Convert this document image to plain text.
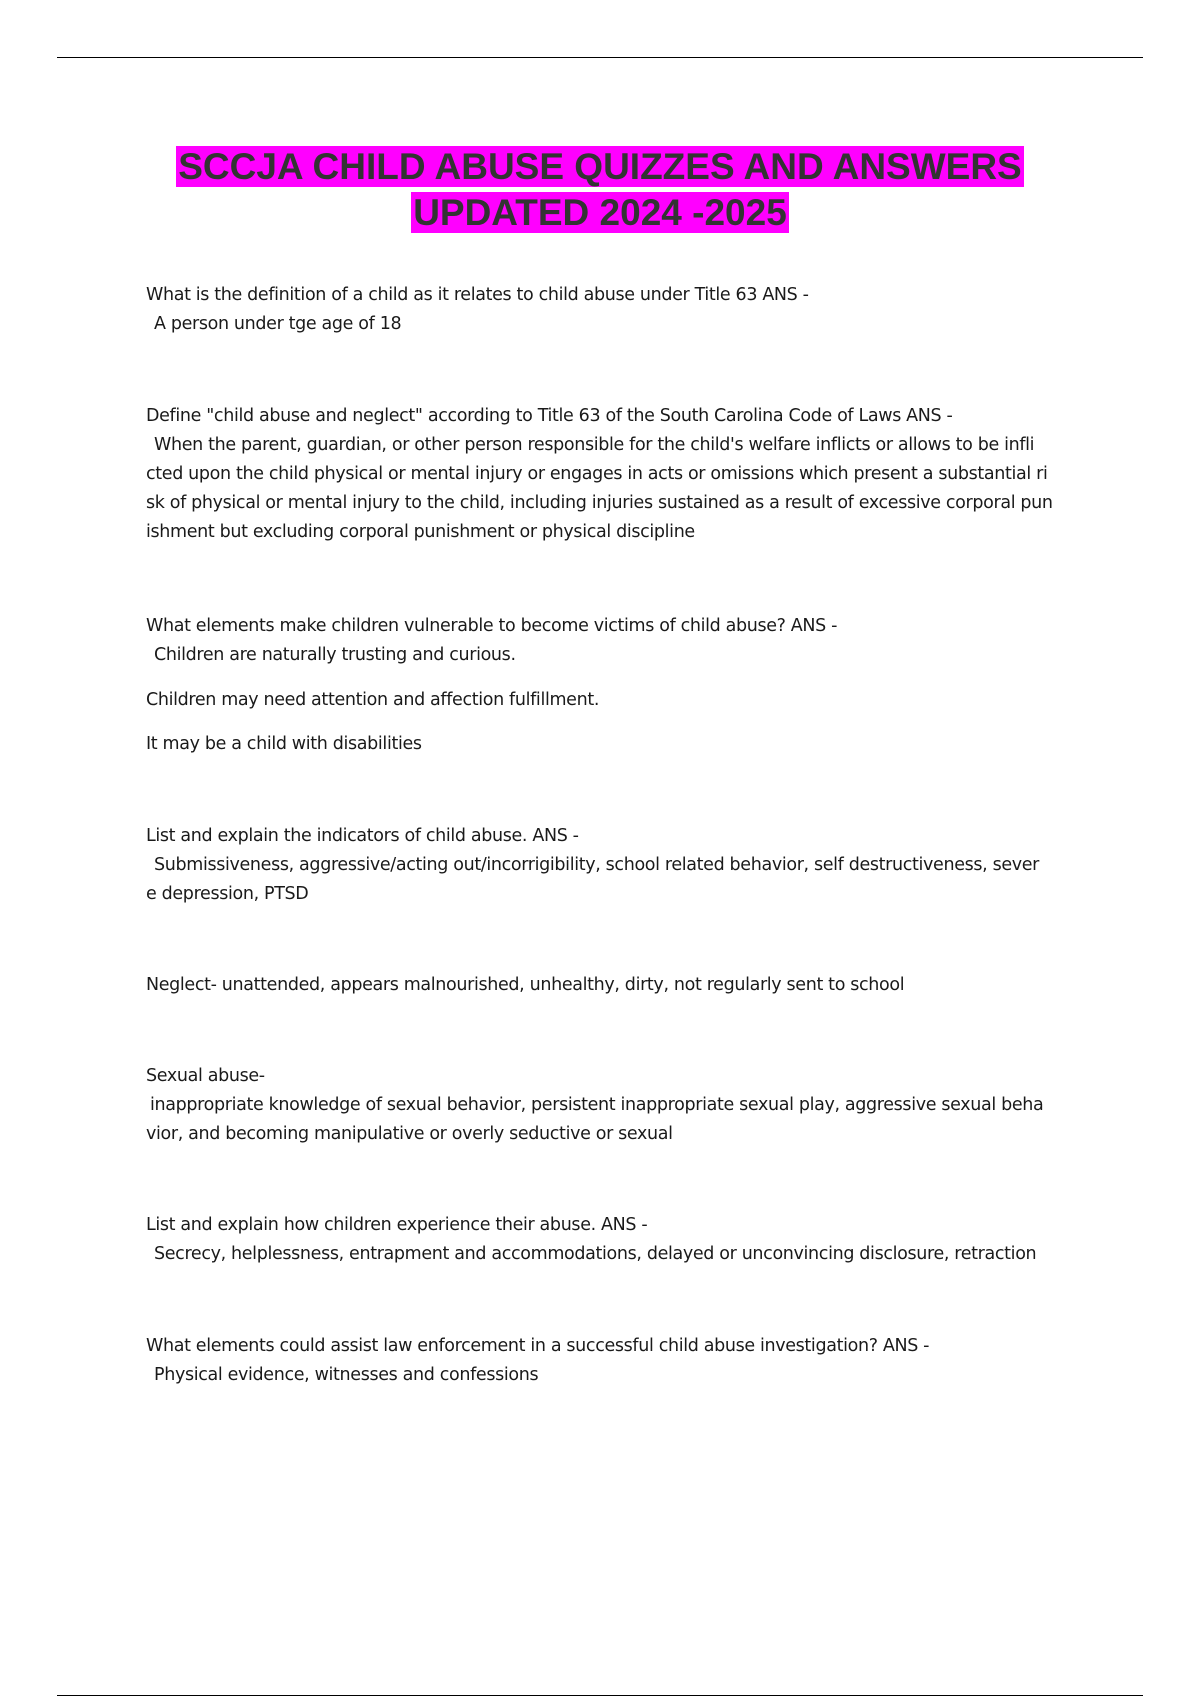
SCCJA CHILD ABUSE QUIZZES AND ANSWERS
UPDATED 2024 -2025
What is the definition of a child as it relates to child abuse under Title 63 ANS -
A person under tge age of 18
Define "child abuse and neglect" according to Title 63 of the South Carolina Code of Laws ANS -
When the parent, guardian, or other person responsible for the child's welfare inflicts or allows to be infli
cted upon the child physical or mental injury or engages in acts or omissions which present a substantial ri
sk of physical or mental injury to the child, including injuries sustained as a result of excessive corporal pun
ishment but excluding corporal punishment or physical discipline
What elements make children vulnerable to become victims of child abuse? ANS -
Children are naturally trusting and curious.
Children may need attention and affection fulfillment.
It may be a child with disabilities
List and explain the indicators of child abuse. ANS -
Submissiveness, aggressive/acting out/incorrigibility, school related behavior, self destructiveness, sever
e depression, PTSD
Neglect- unattended, appears malnourished, unhealthy, dirty, not regularly sent to school
Sexual abuse-
inappropriate knowledge of sexual behavior, persistent inappropriate sexual play, aggressive sexual beha
vior, and becoming manipulative or overly seductive or sexual
List and explain how children experience their abuse. ANS -
Secrecy, helplessness, entrapment and accommodations, delayed or unconvincing disclosure, retraction
What elements could assist law enforcement in a successful child abuse investigation? ANS -
Physical evidence, witnesses and confessions
